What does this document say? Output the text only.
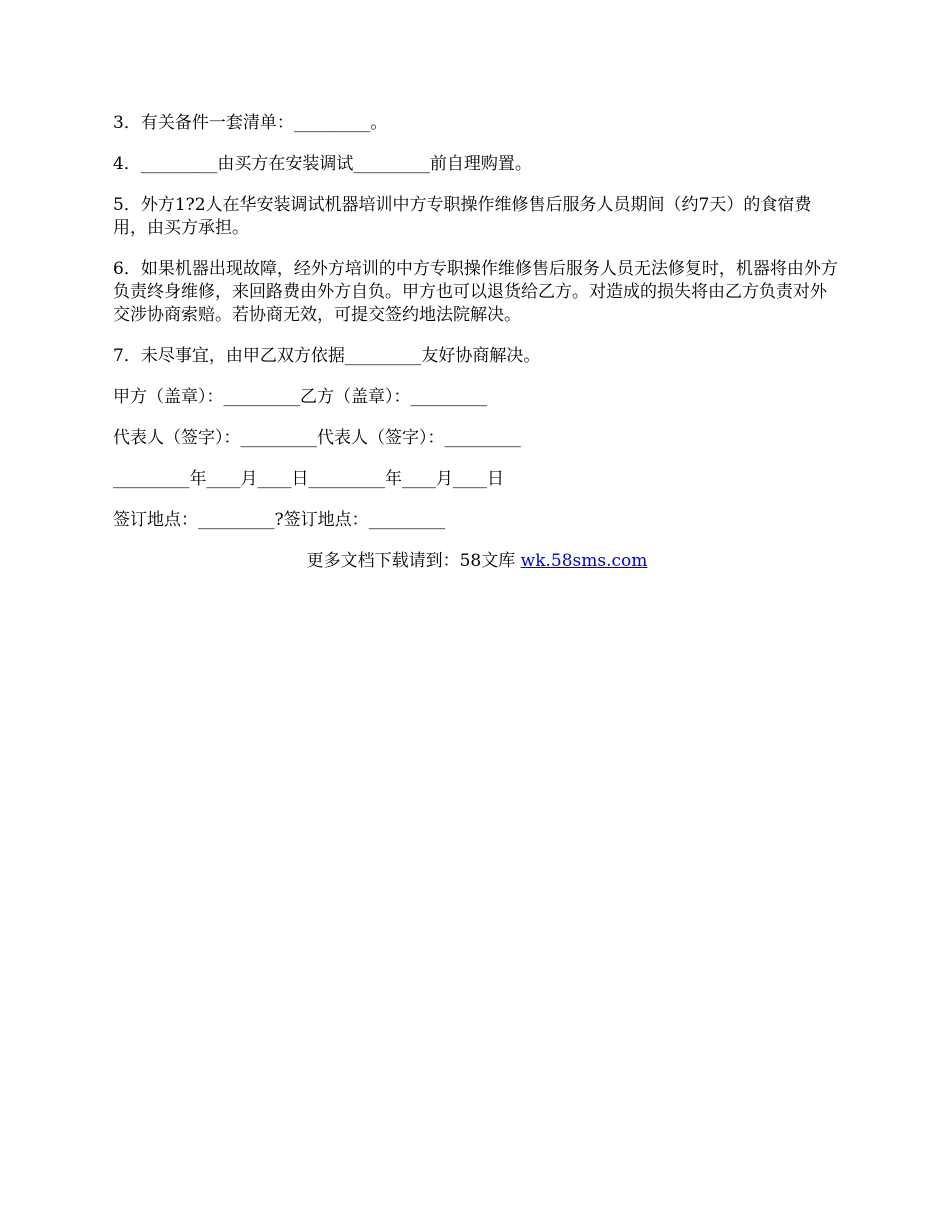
3．有关备件一套清单：_________。

4．_________由买方在安装调试_________前自理购置。

5．外方1?2人在华安装调试机器培训中方专职操作维修售后服务人员期间（约7天）的食宿费用，由买方承担。

6．如果机器出现故障，经外方培训的中方专职操作维修售后服务人员无法修复时，机器将由外方负责终身维修，来回路费由外方自负。甲方也可以退货给乙方。对造成的损失将由乙方负责对外交涉协商索赔。若协商无效，可提交签约地法院解决。

7．未尽事宜，由甲乙双方依据_________友好协商解决。

甲方（盖章）：_________乙方（盖章）：_________

代表人（签字）：_________代表人（签字）：_________

_________年____月____日_________年____月____日

签订地点：_________?签订地点：_________

更多文档下载请到：58文库 wk.58sms.com
